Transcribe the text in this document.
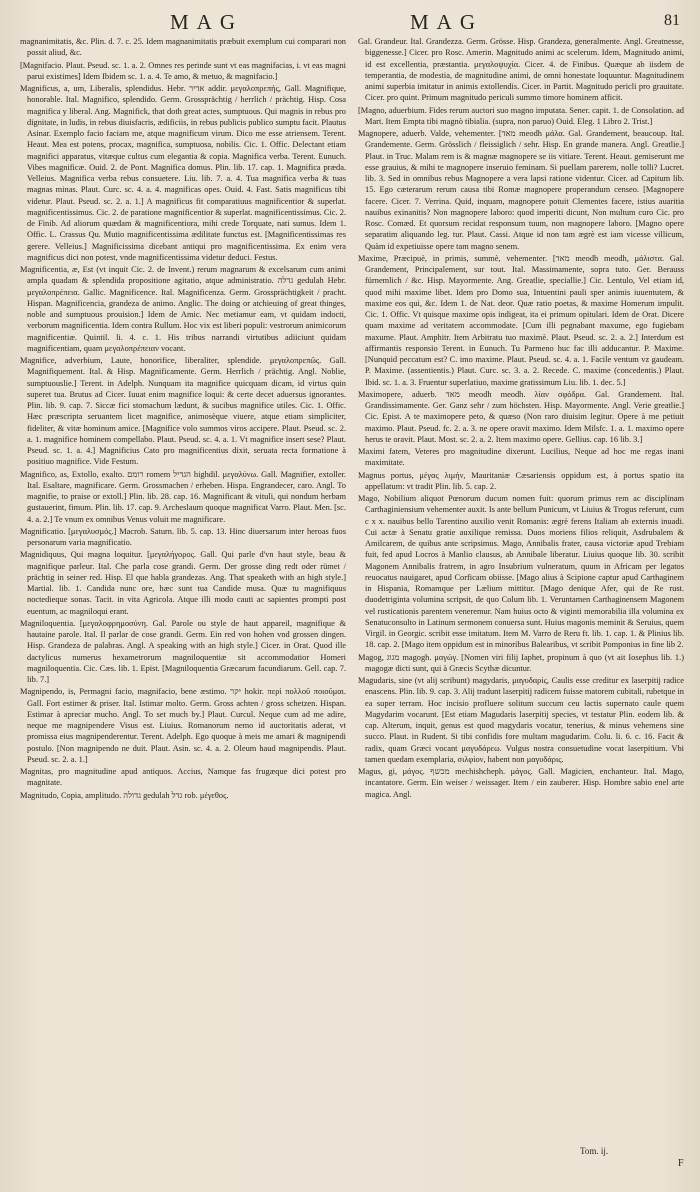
MAG	MAG	81

magnanimitatis, &c. Plin. d. 7. c. 25. Idem magnanimitatis præbuit exemplum cui comparari non possit aliud, &c.

[Magnifacio. Plaut. Pseud. sc. 1. a. 2. Omnes res perinde sunt vt eas magnifacias, i. vt eas magni parui existimes] Idem Ibidem sc. 1. a. 4. Te amo, & metuo, & magnifacio.]

Magnificus, a, um, Liberalis, splendidus. Hebr. אדיר addir. μεγαλοπρεπής, Gall. Magnifique, honorable. Ital. Magnifico, splendido. Germ. Grossprächtig / herrlich / prächtig. Hisp. Cosa magnifica y liberal. Ang. Magnifick, that doth great actes, sumptuous. Qui magnis in rebus pro dignitate, in ludis, in rebus diuisfacris, ædificiis, in rebus publicis publico sumptu facit. Plautus Asinar. Exemplo facio faciam me, atque magnificum virum. Dico me esse atriensem. Terent. Heaut. Mea est potens, procax, magnifica, sumptuosa, nobilis. Cic. 1. Offic. Delectant etiam magnifici apparatus, vitæque cultus cum elegantia & copia. Magnifica verba. Terent. Eunuch. Vibes magnificæ. Ouid. 2. de Pont. Magnifica domus. Plin. lib. 17. cap. 1. Magnifica præda. Velleius. Magnifica verba rebus consuetere. Liu. lib. 7. a. 4. Tua magnifica verba & tuas magnas minas. Plaut. Curc. sc. 4. a. 4. magnificas opes. Ouid. 4. Fast. Satis magnificus tibi videtur. Plaut. Pseud. sc. 2. a. 1.] A magnificus fit comparatiuus magnificentior & superlat. magnificentissimus. Cic. 2. de paratione magnificentior & superlat. magnificentissimus. Cic. 2. de Finib. Ad aliorum quædam & magnificentiora, mihi crede Torquate, nati sumus. Idem 1. Offic. L. Crassus Qu. Mutio magnificentissima ædilitate functus est. [Magnificentissimas res gerere. Velleius.] Magnificissima dicebant antiqui pro magnificentissima. Ex enim vera magnificus dici non potest, vnde magnificentissima videtur deduci. Festus.

Magnificentia, æ, Est (vt inquit Cic. 2. de Invent.) rerum magnarum & excelsarum cum animi ampla quadam & splendida propositione agitatio, atque administratio. גדלה gedulah Hebr. μεγαλοπρέπεια. Gallic. Magnificence. Ital. Magnificenza. Germ. Grossprächtigkeit / pracht. Hispan. Magnificencia, grandeza de animo. Anglic. The doing or atchieuing of great thinges, noble and sumptuous prouision.] Idem de Amic. Nec metiamur eam, vt quidam indocti, verborum magnificentia. Idem contra Rullum. Hoc vix est liberi populi: vestrorum animicorum magnificentiæ. Quintil. li. 4. c. 1. His tribus narrandi virtutibus adiiciunt quidam magnificentiam, quam μεγαλοπρέπειαν vocant.

Magnifice, adverbium, Laute, honorifice, liberaliter, splendide. μεγαλοπρεπῶς. Gall. Magnifiquement. Ital. & Hisp. Magnificamente. Germ. Herrlich / prächtig. Angl. Noblie, sumptuouslie.] Terent. in Adelph. Nunquam ita magnifice quicquam dicam, id virtus quin superet tua. Brutus ad Cicer. Iuuat enim magnifice loqui: & certe decet aduersus ignorantes. Plin. lib. 9. cap. 7. Siccæ fici stomachum lædunt, & sucibus magnifice utiles. Cic. 1. Offic. Hæc præscripta seruantem licet magnifice, animosèque viuere, atque etiam simpliciter, fideliter, & vitæ hominum amice. [Magnifice volo summos viros accipere. Plaut. Pseud. sc. 2. a. 1. magnifice hominem compellabo. Plaut. Pseud. sc. 4. a. 1. Vt magnifice insert sese? Plaut. Pseud. sc. 1. a. 4.] Magnificius Cato pro magnificentius dixit, seruata recta formatione à positiuo magnifice. Vide Festum.

Magnifico, as, Extollo, exalto. רומם romem הגדיל highdil. μεγαλύνω. Gall. Magnifier, extoller. Ital. Esaltare, magnificare. Germ. Grossmachen / erheben. Hispa. Engrandecer, caro. Angl. To magnifie, to praise or extoll.] Plin. lib. 28. cap. 16. Magnificant & vituli, qui nondum herbam gustauerint, fimum. Plin. lib. 17. cap. 9. Archeslaum quoque magnificat Varro. Plaut. Men. [sc. 4. a. 2.] Te vnum ex omnibus Venus voluit me magnificare.

Magnificatio. [μεγαλυσμός.] Macrob. Saturn. lib. 5. cap. 13. Hinc diuersarum inter heroas fuos personarum varia magnificatio.

Magnidiquus, Qui magna loquitur. [μεγαλήγορος. Gall. Qui parle d'vn haut style, beau & magnifique parleur. Ital. Che parla cose grandi. Germ. Der grosse ding redt oder rümet / prächtig in seiner red. Hisp. El que habla grandezas. Ang. That speaketh with an high style.] Martial. lib. 1. Candida nunc ore, hæc sunt tua Candide musa. Quæ tu magnifiquus noctedieque sonas. Tacit. in vita Agricola. Atque illi modo cauti ac sapientes prompti post euentum, ac magniloqui erant.

Magniloquentia. [μεγαλοφρημοσύνη. Gal. Parole ou style de haut appareil, magnifique & hautaine parole. Ital. Il parlar de cose grandi. Germ. Ein red von hohen vnd grossen dingen. Hisp. Grandeza de palabras. Angl. A speaking with an high style.] Cicer. in Orat. Quod ille dactylicus numerus hexametrorum magniloquentiæ sit accommodatior Homeri magniloquentia. Cic. Cæs. lib. 1. Epist. [Magniloquentia Græcarum facundiarum. Gell. cap. 7. lib. 7.]

Magnipendo, is, Permagni facio, magnifacio, bene æstimo. יקר hokir. περὶ πολλοῦ ποιοῦμαι. Gall. Fort estimer & priser. Ital. Istimar molto. Germ. Gross achten / gross schetzen. Hispan. Estimar à apreciar mucho. Angl. To set much by.] Plaut. Curcul. Neque cum ad me adire, neque me magnipendere Visus est. Liuius. Romanorum nemo id auctoritatis aderat, vt promissa eius magnipenderentur. Terent. Adelph. Ego quoque à meis me amari & magnipendi postulo. [Non magnipendo ne duit. Plaut. Asin. sc. 4. a. 2. Oleum haud magnipendis. Plaut. Pseud. sc. 2. a. 1.]

Magnitas, pro magnitudine apud antiquos. Accius, Namque fas frugæque dici potest pro magnitate.

Magnitudo, Copia, amplitudo. גדולה gedulah גדל rob. μέγεθος.

Gal. Grandeur. Ital. Grandezza. Germ. Grösse. Hisp. Grandeza, generalmente. Angl. Greatnesse, biggenesse.] Cicer. pro Rosc. Amerin. Magnitudo animi ac scelerum. Idem, Magnitudo animi, id est excellentia, præstantia. μεγαλοψυχία. Cicer. 4. de Finibus. Quæque ab iisdem de temperantia, de modestia, de magnitudine animi, de omni honestate loquuntur. Magnitudinem animi superbia imitatur in animis extollendis. Cicer. in Partit. Magnitudo pericli pro grauitate. Cicer. pro quint. Primum magnitudo periculi summo timore hominem afficit.

[Magno, aduerbium. Fides rerum auctori suo magno imputata. Sener. capit. 1. de Consolation. ad Mart. Item Empta tibi magnò tibialia. (supra, non paruo) Ouid. Eleg. 1 Libro 2. Trist.]

Magnopere, aduerb. Valde, vehementer. [מאד meodh μάλα. Gal. Grandement, beaucoup. Ital. Grandemente. Germ. Grösslich / fleissiglich / sehr. Hisp. En grande manera. Angl. Greatlie.] Plaut. in Truc. Malam rem is & magnæ magnopere se iis vitiare. Terent. Heaut. gemiserunt me esse grauius, & mihi te magnopere inseruio feminam. Si puellam parerem, nolle tolli? Lucret. lib. 3. Sed in omnibus rebus Magnopere a vera lapsi ratione videntur. Cicer. ad Capitum lib. 15. Ego cæterarum rerum causa tibi Romæ magnopere properandum censeo. [Magnopere facere. Cicer. 7. Verrina. Quid, inquam, magnopere potuit Clementes facere, istius auaritia nauibus exinanitis? Non magnopere laboro: quod imperiti dicunt, Non multum curo Cic. pro Rosc. Comæd. Et quorsum recidat responsum tuum, non magnopere laboro. [Magno opere separatim aliquando leg. tur. Plaut. Cassi. Atque id non tam ægrè est iam vicesse villicum, Quàm id expetiuisse opere tam magno senem.

Maxime, Præcipuè, in primis, summè, vehementer. [מאד meodh meodh, μάλιστα. Gal. Grandement, Principalement, sur tout. Ital. Massimamente, sopra tuto. Ger. Berauss fürnemlich / &c. Hisp. Mayormente. Ang. Greatlie, speciallie.] Cic. Lentulo, Vel etiam id, quod mihi maxime libet. Idem pro Domo sua, Intuentini pauli sper animis iuuentutem, & maxime eos qui, &c. Idem 1. de Nat. deor. Quæ ratio poetas, & maxime Homerum impulit. Cic. 1. Offic. Vt quisque maxime opis indigeat, ita ei primum opitulari. Idem de Orat. Dicere quam maxime ad veritatem accommodate. [Cum illi pegnabant maxume, ego fugiebam maxume. Plaut. Amphitr. Item Arbitratu tuo maximè. Plaut. Pseud. sc. 2. a. 2.] Interdum est affirmantis responsio Terent. in Eunuch. Tu Parmeno huc fac illi adducantur. P. Maxime. [Nunquid peccatum est? C. imo maxime. Plaut. Pseud. sc. 4. a. 1. Facile ventum vz gaudeam. P. Maxime. (assentientis.) Plaut. Curc. sc. 3. a. 2. Recede. C. maxime (concedentis.) Plaut. Ibid. sc. 1. a. 3. Fruentur superlatiuo, maxime gratissimum Liu. lib. 1. dec. 5.]

Maximopere, aduerb. מאד meodh meodh. λίαν σφόδρα. Gal. Grandement. Ital. Grandissimamente. Ger. Ganz sehr / zum höchsten. Hisp. Mayormente. Angl. Verie greatlie.] Cic. Epist. A te maximopere peto, & quæso (Non raro diuisim legitur. Opere à me petiuit maximo. Plaut. Pseud. fc. 2. a. 3. ne opere oravit maximo. Idem Milsfc. 1. a. 1. maximo opere herus te oravit. Plaut. Most. sc. 2. a. 2. Item maximo opere. Gellius. cap. 16 lib. 3.]

Maximi fatem, Veteres pro magnitudine dixerunt. Lucilius, Neque ad hoc me regas inani maximitate.

Magnus portus, μέγας λιμήν, Mauritaniæ Cæsariensis oppidum est, à portus spatio ita appellatum: vt tradit Plin. lib. 5. cap. 2.

Mago, Nobilium aliquot Pœnorum ducum nomen fuit: quorum primus rem ac disciplinam Carthaginiensium vehementer auxit. Is ante bellum Punicum, vt Liuius & Trogus referunt, cum c x x. nauibus bello Tarentino auxilio venit Romanis: ægrè ferens Italiam ab externis inuadi. Cui actæ à Senatu gratie auxilique remissa. Duos moriens filios reliquit, Asdrubalem & Amilcarem, de quibus ante scripsimus. Mago, Annibalis frater, causa victoriæ apud Trebiam fuit, fed apud Locros à Manlio clausus, ab Annibale liberatur. Liuius quoque lib. 30. scribit Magonem Annibalis fratrem, in agro Insubrium vulneratum, quum in Africam per legatos reuocatus nauigaret, apud Corficam obiisse. [Mago alius à Scipione captur apud Carthaginem in Hispania, Romamque per Lælium mittitur. [Mago denique Afer, qui de Re rust. duodetriginta volumina scripsit, de quo Colum lib. 1. Veruntamen Carthaginensem Magonem vel rusticationis parentem veneremur. Nam huius octo & viginti memorabilia illa volumina ex Senatuconsulto in Latinum sermonem conuersa sunt. Huius magonis meminit & Seruius, quem Virgil. in Georgic. scribit esse imitatum. Item M. Varro de Reru ft. lib. 1. cap. 1. & Plinius lib. 18. cap. 2. [Mago item oppidum est in minoribus Balearibus, vt scribit Pomponius in fine lib 2.

Magog, מגוג magogh. μαγώγ. [Nomen viri filij Iaphet, propinum à quo (vt ait Iosephus lib. 1.) magogæ dicti sunt, qui à Græcis Scythæ dicuntur.

Magudaris, sine (vt alij scribunt) magydaris, μαγυδαρίς, Caulis esse creditur ex laserpitij radice enascens. Plin. lib. 9. cap. 3. Alij tradunt laserpitij radicem fuisse matorem cubitali, rubetque in ea super terram. Hoc incisio profluere solitum succum ceu lactis supernato caule quem Magydarim vocarunt. [Est etiam Magudaris laserpitij species, vt testatur Plin. eodem lib. & cap. Alterum, inquit, genus est quod magydaris vocatur, tenerius, & minus vehemens sine succo. Plaut. in Rudent. Si tibi confidis fore multam magudarim. Colu. li. 6. c. 16. Facit & radix, quam Græci vocant μαγυδάρεω. Vulgus nostra consuetudine vocat laserpitium. Vbi tamen quedam exemplaria, σιλφίον, habent non μαγυδάρις.

Magus, gi, μάγος. מכשף mechishcheph. μάγος. Gall. Magicien, enchanteur. Ital. Mago, incantatore. Germ. Ein weiser / weissager. Item / ein zauberer. Hisp. Hombre sabio enel arte magica. Angl.

Tom. ij.
F
